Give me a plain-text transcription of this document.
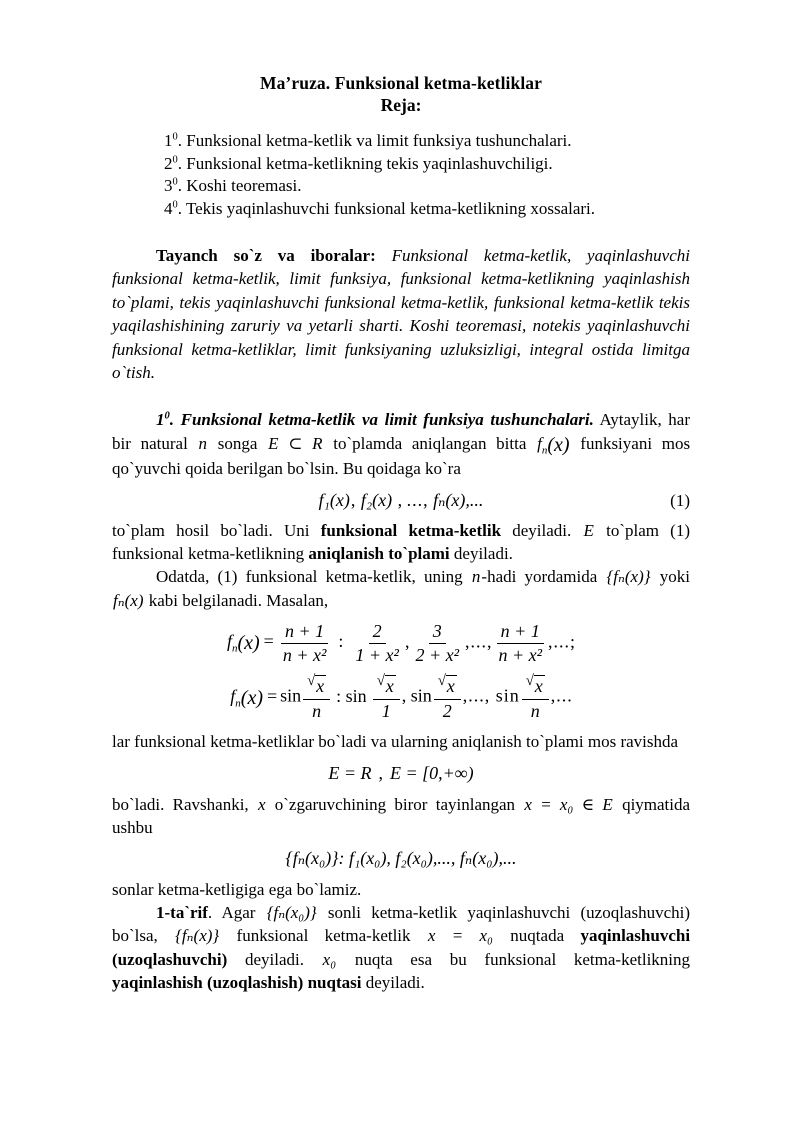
Ma’ruza. Funksional ketma-ketliklar
Reja:
$1^0$. Funksional ketma-ketlik va limit funksiya tushunchalari.
$2^0$. Funksional ketma-ketlikning tekis yaqinlashuvchiligi.
$3^0$. Koshi teoremasi.
$4^0$. Tekis yaqinlashuvchi funksional ketma-ketlikning xossalari.

Tayanch so`z va iboralar: Funksional ketma-ketlik, yaqinlashuvchi funksional ketma-ketlik, limit funksiya, funksional ketma-ketlikning yaqinlashish to`plami, tekis yaqinlashuvchi funksional ketma-ketlik, funksional ketma-ketlik tekis yaqilashishining zaruriy va yetarli sharti. Koshi teoremasi, notekis yaqinlashuvchi funksional ketma-ketliklar, limit funksiyaning uzluksizligi, integral ostida limitga o`tish.

$1^0$. Funksional ketma-ketlik va limit funksiya tushunchalari. Aytaylik, har bir natural n songa E ⊂ R to`plamda aniqlangan bitta $f_n(x)$ funksiyani mos qo`yuvchi qoida berilgan bo`lsin. Bu qoidaga ko`ra

f₁(x) , f₂(x) , ... , fₙ(x),...	(1)

to`plam hosil bo`ladi. Uni funksional ketma-ketlik deyiladi. E to`plam (1) funksional ketma-ketlikning aniqlanish to`plami deyiladi.

Odatda, (1) funksional ketma-ketlik, uning n-hadi yordamida {fₙ(x)} yoki fₙ(x) kabi belgilanadi. Masalan,

$f_n(x) = \frac{n + 1}{\text{n + x²}}$ : $\frac{2}{\text{1 + x²}}$ , $\frac{3}{\text{2 + x²}}$ ,..., $\frac{n + 1}{\text{n + x²}}$ ,...;
$f_n(x) = \sin$ √ $\frac{x}{n}$ : sin √ $\frac{x}{1}$ , sin √ $\frac{x}{2}$ ,..., sin √ $\frac{x}{n}$ ,...

lar funksional ketma-ketliklar bo`ladi va ularning aniqlanish to`plami mos ravishda

E = R , E = [0,+∞)

bo`ladi. Ravshanki, x o`zgaruvchining biror tayinlangan x = x₀ ∈ E qiymatida ushbu

{fₙ(x₀)}: f₁(x₀), f₂(x₀),..., fₙ(x₀),...

sonlar ketma-ketligiga ega bo`lamiz.

1-ta`rif. Agar {fₙ(x₀)} sonli ketma-ketlik yaqinlashuvchi (uzoqlashuvchi) bo`lsa, {fₙ(x)} funksional ketma-ketlik x = x₀ nuqtada yaqinlashuvchi (uzoqlashuvchi) deyiladi. x₀ nuqta esa bu funksional ketma-ketlikning yaqinlashish (uzoqlashish) nuqtasi deyiladi.
